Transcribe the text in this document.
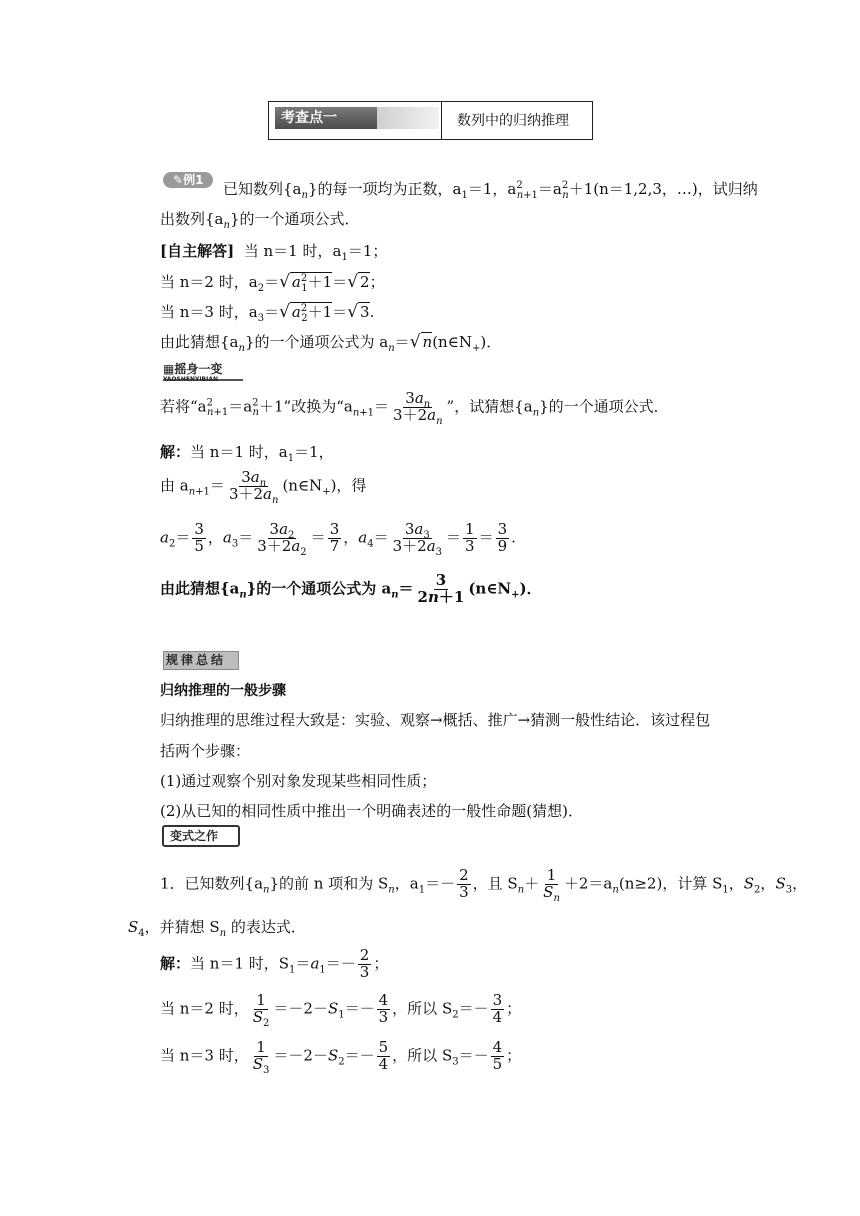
考查点一	数列中的归纳推理
✎例1	已知数列$\{a_n\}$的每一项均为正数，$a_1=1$，$a^2_{n+1}=a^2_n+1(n=1,2,3$，…)，试归纳
出数列$\{a_n\}$的一个通项公式．
[自主解答] 当 n＝1 时，$a_1=1$；
当 n＝2 时，$a_2=√$ $a^2_1+1=√$ 2；
当 n＝3 时，$a_3=√$ $a^2_2+1=√$ 3.
由此猜想$\{a_n\}$的一个通项公式为 $a_n=√$ $n(n\in N_+)$．
▦摇身一变
YAOSHENYIBIAN
若将“$a^2_{n+1}=a^2_n+1$”改换为“$a_{n+1}= \frac{3a_n}{3+2a_n}$ ”，试猜想$\{a_n\}$的一个通项公式．
解：当 n＝1 时，$a_1=1$，
由 $a_{n+1}= \frac{3a_n}{3+2a_n}$ $(n\in N_+)$，得
$a_2= \frac{3}{5}$ ，$a_3= \frac{3a_2}{3+2a_2} = \frac{3}{7}$ ，$a_4= \frac{3a_3}{3+2a_3} = \frac{1}{3} = \frac{3}{9}$ .
由此猜想$\{a_n\}$的一个通项公式为 $a_n= \frac{3}{2n+1}$ $(n\in N_+)$．
规律总结
归纳推理的一般步骤
归纳推理的思维过程大致是：实验、观察→概括、推广→猜测一般性结论．该过程包
括两个步骤：
(1)通过观察个别对象发现某些相同性质；
(2)从已知的相同性质中推出一个明确表述的一般性命题(猜想)．
变式之作
1．已知数列$\{a_n\}$的前 n 项和为 $S_n$，$a_1=- \frac{2}{3}$ ，且 $S_n+ \frac{1}{S_n} +2=a_n(n\ge 2)$，计算 $S_1$，$S_2$，$S_3$，
$S_4$，并猜想 $S_n$ 的表达式．
解：当 n＝1 时，$S_1=a_1=- \frac{2}{3}$ ；
当 n＝2 时， $\frac{1}{S_2} =-2-S_1=- \frac{4}{3}$ ，所以 $S_2=- \frac{3}{4}$ ；
当 n＝3 时， $\frac{1}{S_3} =-2-S_2=- \frac{5}{4}$ ，所以 $S_3=- \frac{4}{5}$ ；
